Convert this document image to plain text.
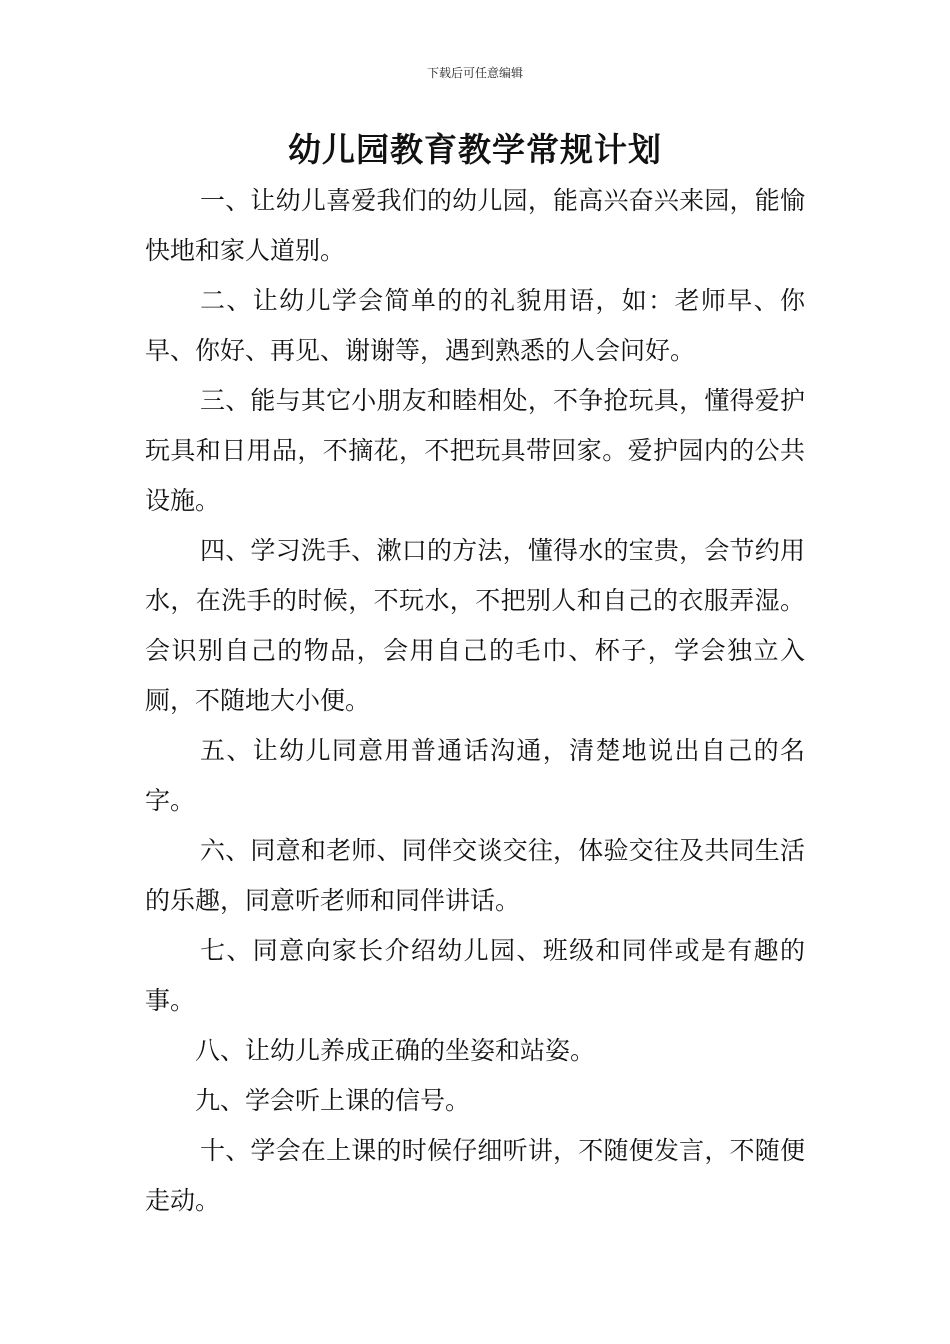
下载后可任意编辑
幼儿园教育教学常规计划

一、让幼儿喜爱我们的幼儿园，能高兴奋兴来园，能愉快地和家人道别。

二、让幼儿学会简单的的礼貌用语，如：老师早、你早、你好、再见、谢谢等，遇到熟悉的人会问好。

三、能与其它小朋友和睦相处，不争抢玩具，懂得爱护玩具和日用品，不摘花，不把玩具带回家。爱护园内的公共设施。

四、学习洗手、漱口的方法，懂得水的宝贵，会节约用水，在洗手的时候，不玩水，不把别人和自己的衣服弄湿。会识别自己的物品，会用自己的毛巾、杯子，学会独立入厕，不随地大小便。

五、让幼儿同意用普通话沟通，清楚地说出自己的名字。

六、同意和老师、同伴交谈交往，体验交往及共同生活的乐趣，同意听老师和同伴讲话。

七、同意向家长介绍幼儿园、班级和同伴或是有趣的事。

八、让幼儿养成正确的坐姿和站姿。

九、学会听上课的信号。

十、学会在上课的时候仔细听讲，不随便发言，不随便走动。
